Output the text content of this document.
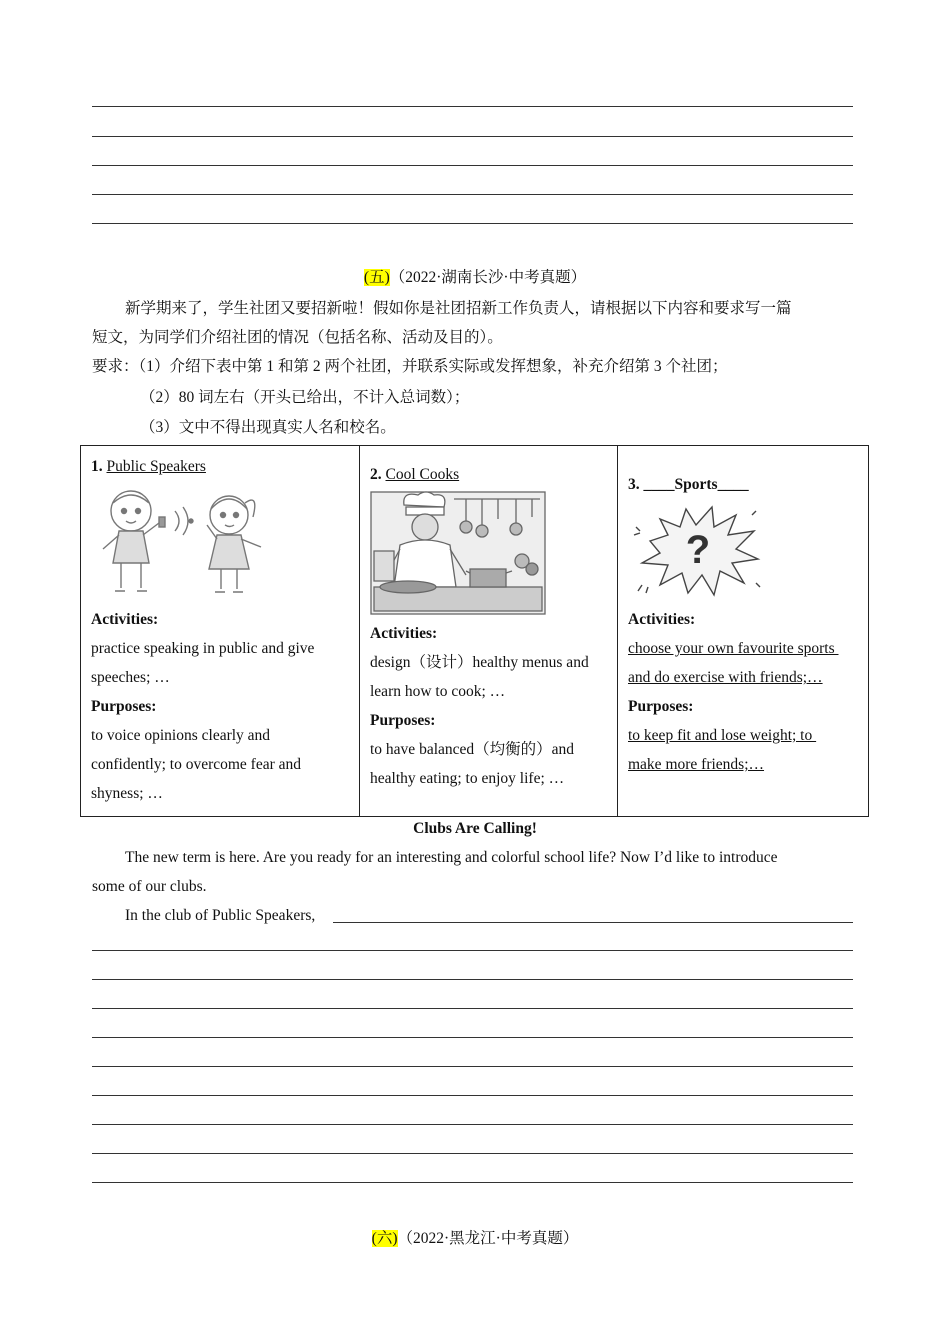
(五)（2022·湖南长沙·中考真题）
新学期来了，学生社团又要招新啦！假如你是社团招新工作负责人，请根据以下内容和要求写一篇
短文，为同学们介绍社团的情况（包括名称、活动及目的）。
要求：（1）介绍下表中第 1 和第 2 两个社团，并联系实际或发挥想象，补充介绍第 3 个社团；
（2）80 词左右（开头已给出，不计入总词数）；
（3）文中不得出现真实人名和校名。
1. Public Speakers
Activities:
practice speaking in public and give
speeches; …
Purposes:
to voice opinions clearly and
confidently; to overcome fear and
shyness; …
2. Cool Cooks
Activities:
design（设计）healthy menus and
learn how to cook; …
Purposes:
to have balanced（均衡的）and
healthy eating; to enjoy life; …
3. ____Sports____
?
Activities:
choose your own favourite sports
and do exercise with friends;…
Purposes:
to keep fit and lose weight; to
make more friends;…
Clubs Are Calling!
The new term is here. Are you ready for an interesting and colorful school life? Now I’d like to introduce
some of our clubs.
In the club of Public Speakers,
(六)（2022·黑龙江·中考真题）
